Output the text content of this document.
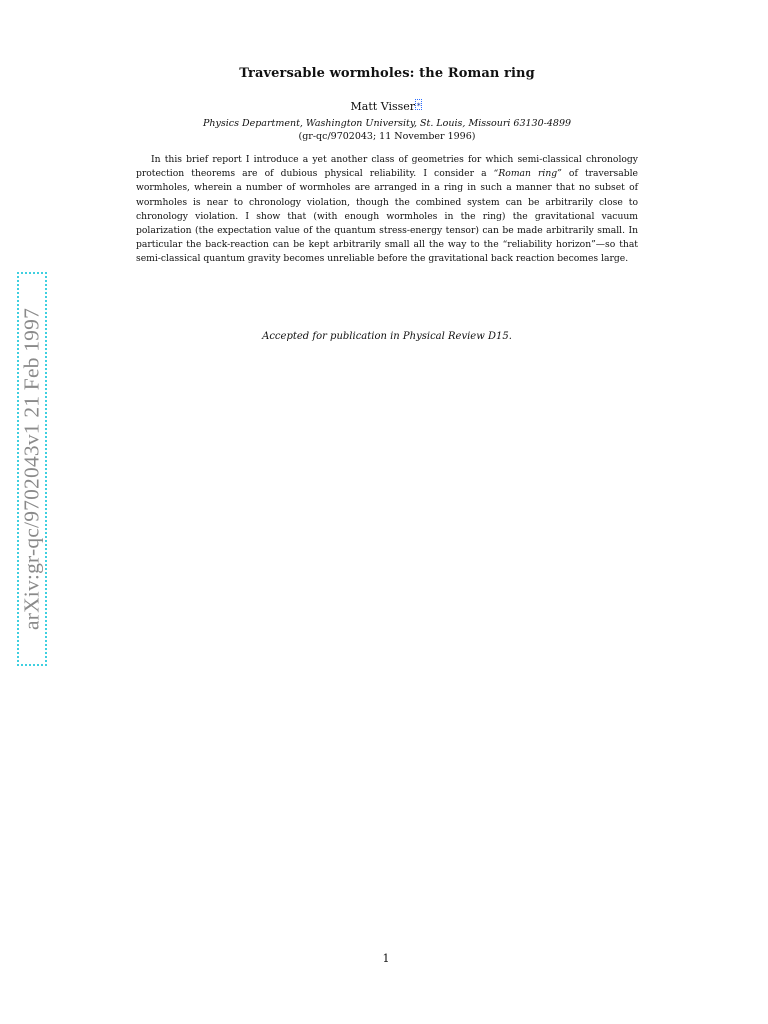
Traversable wormholes: the Roman ring
Matt Visser∗
Physics Department, Washington University, St. Louis, Missouri 63130-4899
(gr-qc/9702043; 11 November 1996)

In this brief report I introduce a yet another class of geometries for which semi-classical chronology protection theorems are of dubious physical reliability. I consider a “Roman ring” of traversable wormholes, wherein a number of wormholes are arranged in a ring in such a manner that no subset of wormholes is near to chronology violation, though the combined system can be arbitrarily close to chronology violation. I show that (with enough wormholes in the ring) the gravitational vacuum polarization (the expectation value of the quantum stress-energy tensor) can be made arbitrarily small. In particular the back-reaction can be kept arbitrarily small all the way to the “reliability horizon”—so that semi-classical quantum gravity becomes unreliable before the gravitational back reaction becomes large.

Accepted for publication in Physical Review D15.
1
arXiv:gr-qc/9702043v1 21 Feb 1997
